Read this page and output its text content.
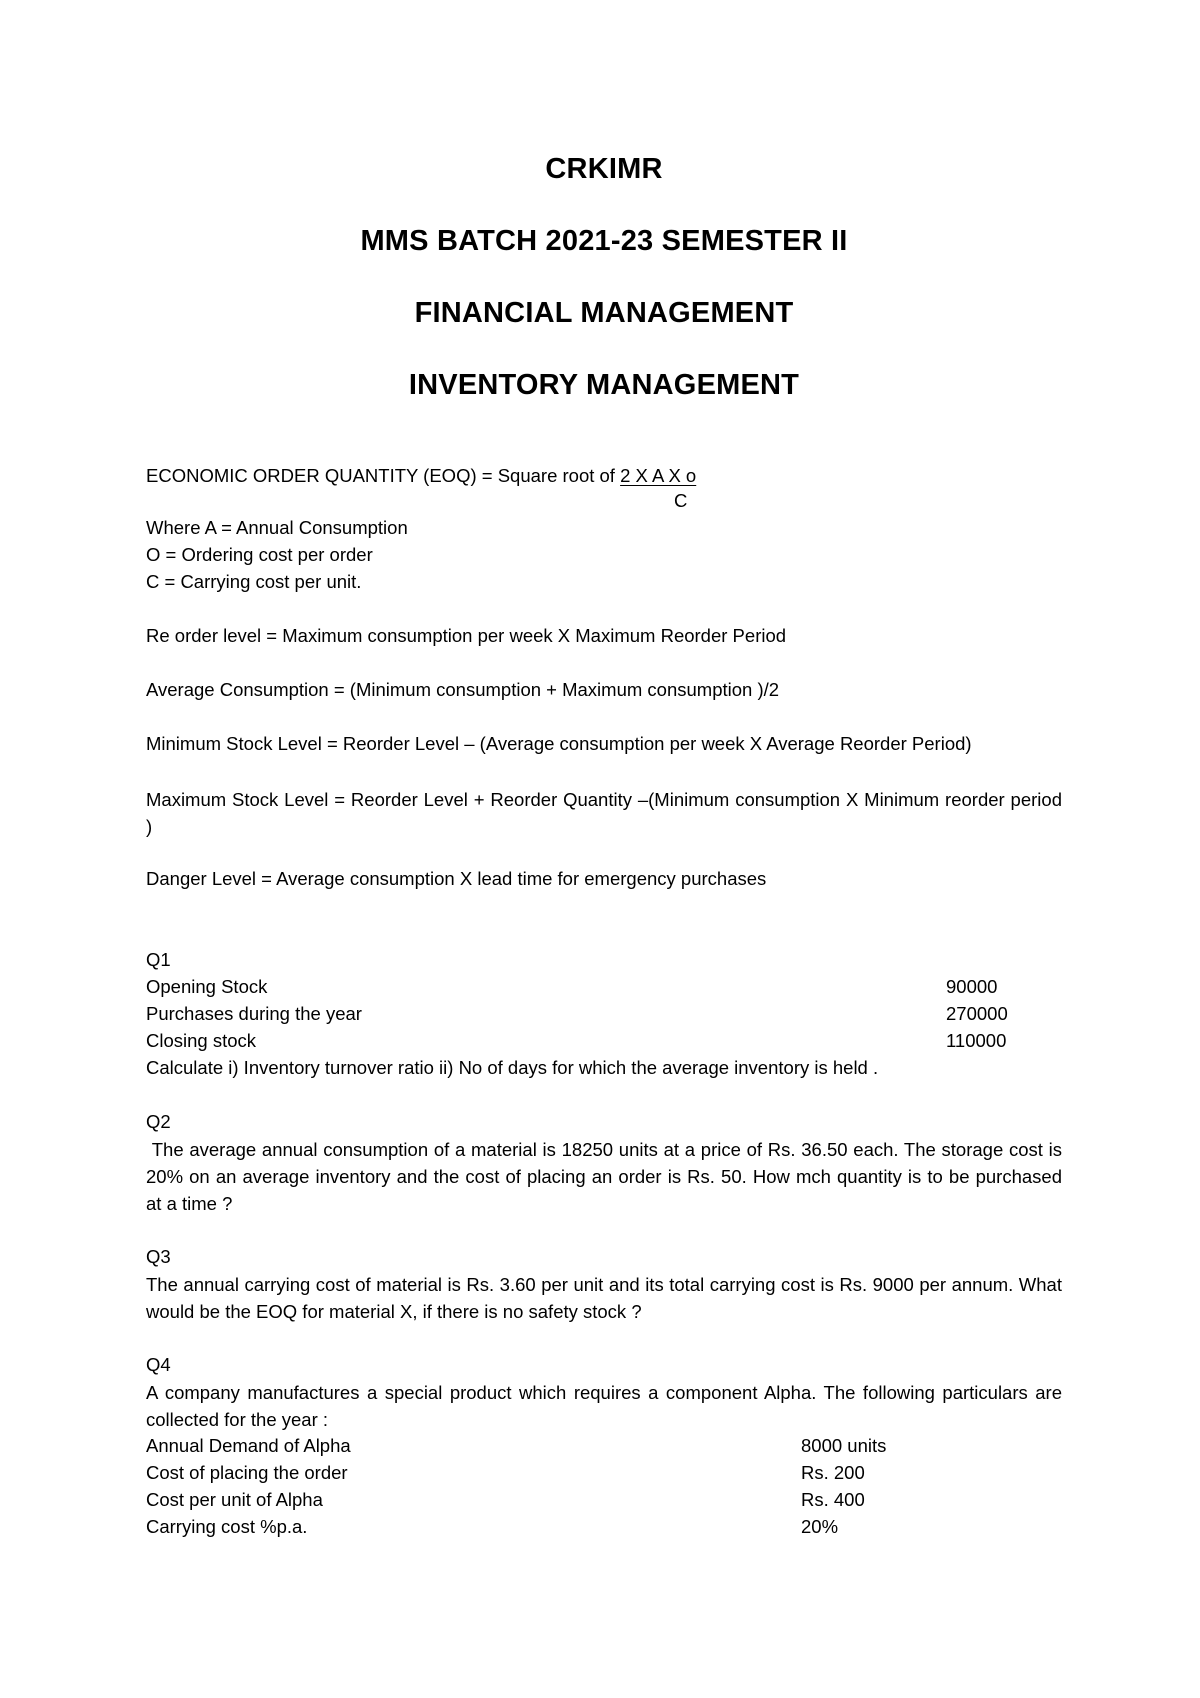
CRKIMR
MMS BATCH 2021-23 SEMESTER II
FINANCIAL MANAGEMENT
INVENTORY MANAGEMENT
ECONOMIC ORDER QUANTITY (EOQ) = Square root of 2 X A X o
C
Where A = Annual Consumption
O = Ordering cost per order
C = Carrying cost per unit.
Re order level = Maximum consumption per week X Maximum Reorder Period
Average Consumption = (Minimum consumption + Maximum consumption )/2
Minimum Stock Level = Reorder Level – (Average consumption per week X Average Reorder Period)
Maximum Stock Level = Reorder Level + Reorder Quantity –(Minimum consumption X Minimum reorder period )
Danger Level = Average consumption X lead time for emergency purchases
Q1
Opening Stock	90000
Purchases during the year	270000
Closing stock	110000
Calculate i) Inventory turnover ratio ii) No of days for which the average inventory is held .
Q2
The average annual consumption of a material is 18250 units at a price of Rs. 36.50 each. The storage cost is 20% on an average inventory and the cost of placing an order is Rs. 50. How mch quantity is to be purchased at a time ?
Q3
The annual carrying cost of material is Rs. 3.60 per unit and its total carrying cost is Rs. 9000 per annum. What would be the EOQ for material X, if there is no safety stock ?
Q4
A company manufactures a special product which requires a component Alpha. The following particulars are collected for the year :
Annual Demand of Alpha	8000 units
Cost of placing the order	Rs. 200
Cost per unit of Alpha	Rs. 400
Carrying cost %p.a.	20%
